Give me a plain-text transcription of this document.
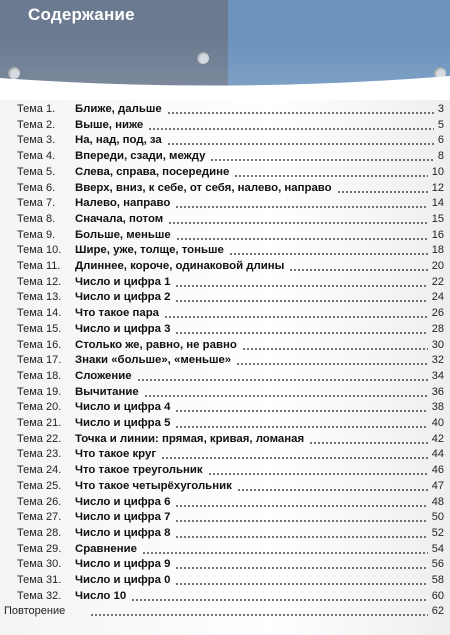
Содержание
Тема 1.	Ближе, дальше	3
Тема 2.	Выше, ниже	5
Тема 3.	На, над, под, за	6
Тема 4.	Впереди, сзади, между	8
Тема 5.	Слева, справа, посередине	10
Тема 6.	Вверх, вниз, к себе, от себя, налево, направо	12
Тема 7.	Налево, направо	14
Тема 8.	Сначала, потом	15
Тема 9.	Больше, меньше	16
Тема 10.	Шире, уже, толще, тоньше	18
Тема 11.	Длиннее, короче, одинаковой длины	20
Тема 12.	Число и цифра 1	22
Тема 13.	Число и цифра 2	24
Тема 14.	Что такое пара	26
Тема 15.	Число и цифра 3	28
Тема 16.	Столько же, равно, не равно	30
Тема 17.	Знаки «больше», «меньше»	32
Тема 18.	Сложение	34
Тема 19.	Вычитание	36
Тема 20.	Число и цифра 4	38
Тема 21.	Число и цифра 5	40
Тема 22.	Точка и линии: прямая, кривая, ломаная	42
Тема 23.	Что такое круг	44
Тема 24.	Что такое треугольник	46
Тема 25.	Что такое четырёхугольник	47
Тема 26.	Число и цифра 6	48
Тема 27.	Число и цифра 7	50
Тема 28.	Число и цифра 8	52
Тема 29.	Сравнение	54
Тема 30.	Число и цифра 9	56
Тема 31.	Число и цифра 0	58
Тема 32.	Число 10	60
Повторение	62
